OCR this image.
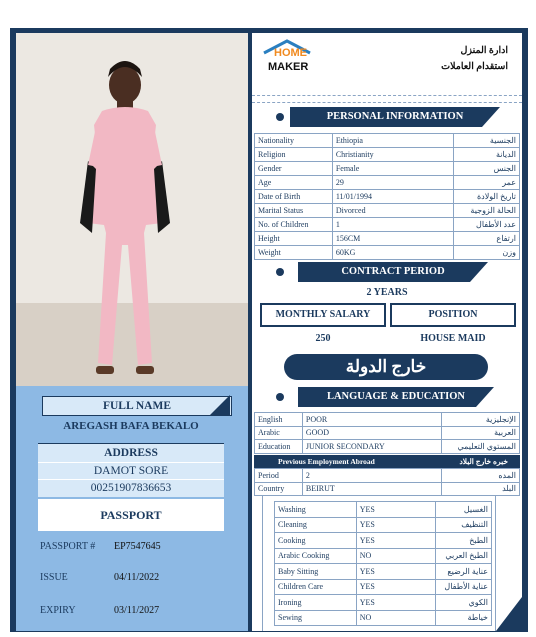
FULL NAME
AREGASH BAFA BEKALO
ADDRESS
DAMOT SORE
00251907836653
PASSPORT
PASSPORT # EP7547645
ISSUE	04/11/2022
EXPIRY	03/11/2027
HOME
MAKER
ادارة المنزل
استقدام العاملات
PERSONAL INFORMATION
Nationality	Ethiopia	الجنسية
Religion	Christianity	الديانة
Gender	Female	الجنس
Age	29	عمر
Date of Birth	11/01/1994	تاريخ الولادة
Marital Status	Divorced	الحالة الزوجية
No. of Children	1	عدد الأطفال
Height	156CM	ارتفاع
Weight	60KG	وزن
CONTRACT PERIOD
2 YEARS
MONTHLY SALARY	POSITION
250	HOUSE MAID
خارج الدولة
LANGUAGE & EDUCATION
English	POOR	الإنجليزية
Arabic	GOOD	العربية
Education	JUNIOR SECONDARY	المستوي التعليمي
Previous Employment Abroad	خبره خارج البلاد
Period	2	المده
Country	BEIRUT	البلد
Washing	YES	الغسيل
Cleaning	YES	التنظيف
Cooking	YES	الطبخ
Arabic Cooking	NO	الطبخ العربي
Baby Sitting	YES	عناية الرضيع
Children Care	YES	عناية الأطفال
Ironing	YES	الكوي
Sewing	NO	خياطة
